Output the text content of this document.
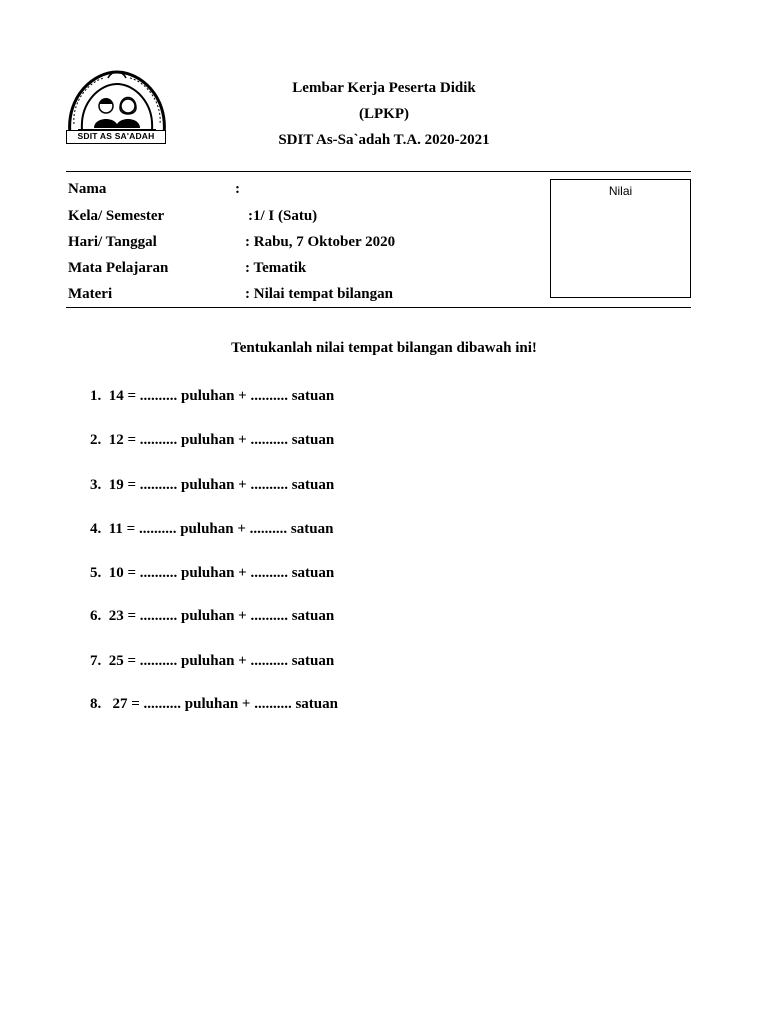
SDIT AS SA'ADAH
Lembar Kerja Peserta Didik
(LPKP)
SDIT As-Sa`adah T.A. 2020-2021
Nama	:
Kela/ Semester	:1/ I (Satu)
Hari/ Tanggal	: Rabu, 7 Oktober 2020
Mata Pelajaran	: Tematik
Materi	: Nilai tempat bilangan
Nilai
Tentukanlah nilai tempat bilangan dibawah ini!
1.  14 = .......... puluhan + .......... satuan
2.  12 = .......... puluhan + .......... satuan
3.  19 = .......... puluhan + .......... satuan
4.  11 = .......... puluhan + .......... satuan
5.  10 = .......... puluhan + .......... satuan
6.  23 = .......... puluhan + .......... satuan
7.  25 = .......... puluhan + .......... satuan
8.   27 = .......... puluhan + .......... satuan
